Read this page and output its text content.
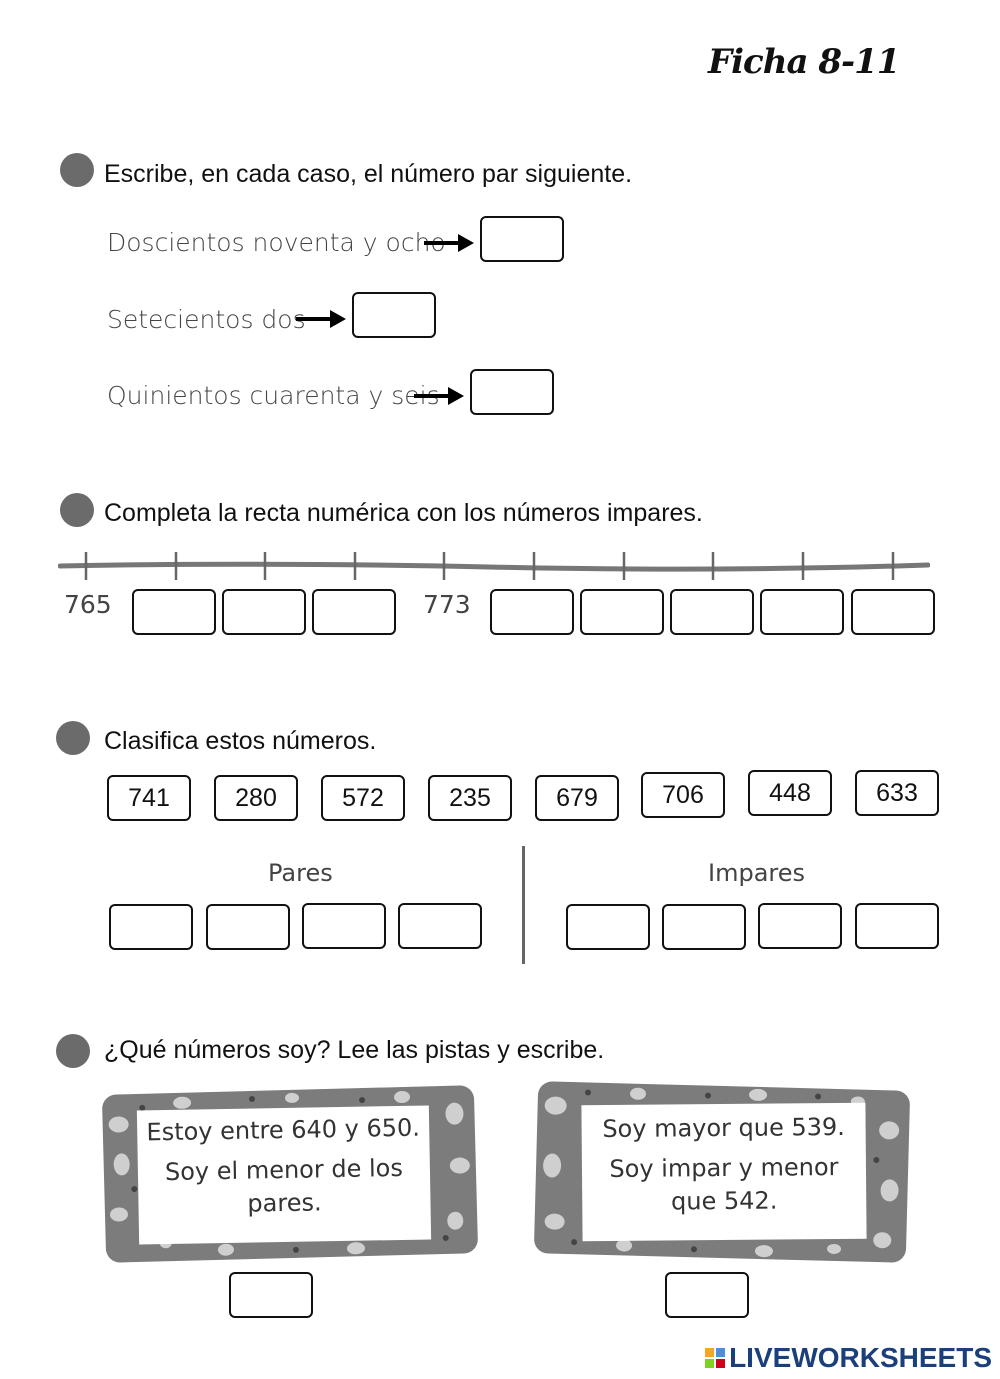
Ficha 8-11
Escribe, en cada caso, el número par siguiente.
Doscientos noventa y ocho
Setecientos dos
Quinientos cuarenta y seis
Completa la recta numérica con los números impares.
765	773
Clasifica estos números.
741	280	572	235	679	706	448	633
Pares	Impares
¿Qué números soy? Lee las pistas y escribe.

Estoy entre 640 y 650.

Soy el menor de los pares.

Soy mayor que 539.

Soy impar y menor que 542.

LIVEWORKSHEETS
